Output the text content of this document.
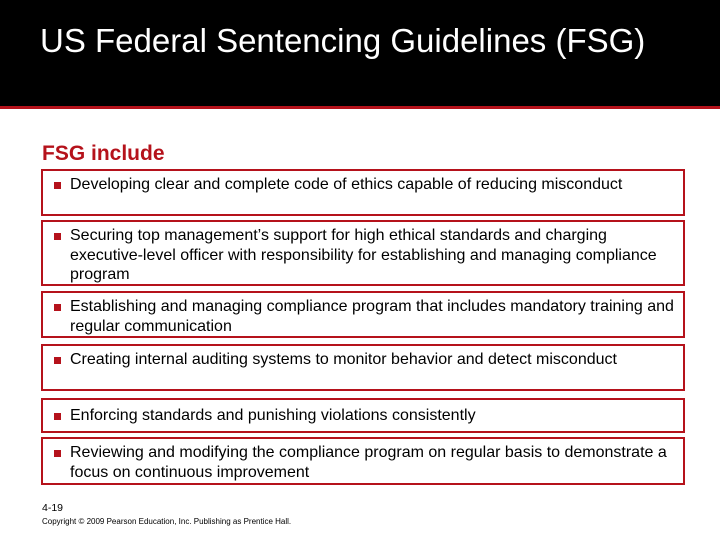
US Federal Sentencing Guidelines (FSG)
FSG include
Developing clear and complete code of ethics capable of reducing misconduct
Securing top management’s support for high ethical standards and charging executive-level officer with responsibility for establishing and managing compliance program
Establishing and managing compliance program that includes mandatory training and regular communication
Creating internal auditing systems to monitor behavior and detect misconduct
Enforcing standards and punishing violations consistently
Reviewing and modifying the compliance program on regular basis to demonstrate a focus on continuous improvement
4-19
Copyright © 2009 Pearson Education, Inc. Publishing as Prentice Hall.
